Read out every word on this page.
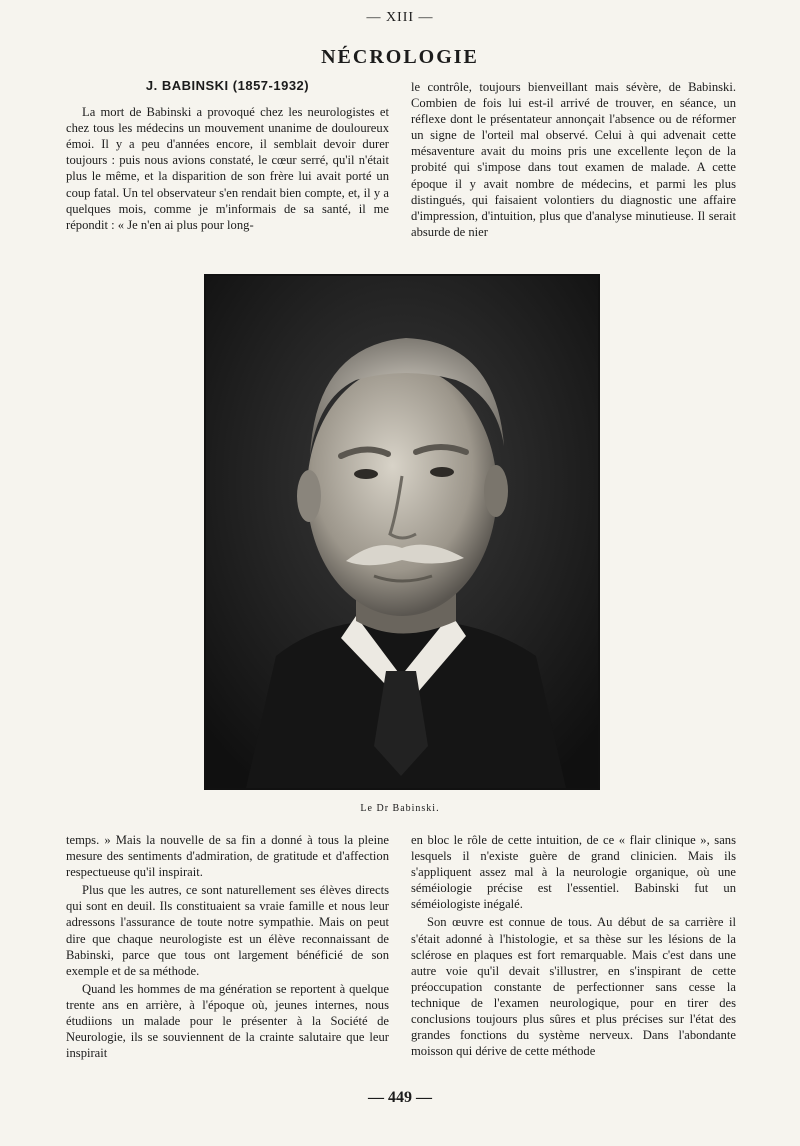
— XIII —
NÉCROLOGIE
J. BABINSKI (1857-1932)

La mort de Babinski a provoqué chez les neurologistes et chez tous les médecins un mouvement unanime de douloureux émoi. Il y a peu d'années encore, il semblait devoir durer toujours : puis nous avions constaté, le cœur serré, qu'il n'était plus le même, et la disparition de son frère lui avait porté un coup fatal. Un tel observateur s'en rendait bien compte, et, il y a quelques mois, comme je m'informais de sa santé, il me répondit : « Je n'en ai plus pour long-

le contrôle, toujours bienveillant mais sévère, de Babinski. Combien de fois lui est-il arrivé de trouver, en séance, un réflexe dont le présentateur annonçait l'absence ou de réformer un signe de l'orteil mal observé. Celui à qui advenait cette mésaventure avait du moins pris une excellente leçon de la probité qui s'impose dans tout examen de malade. A cette époque il y avait nombre de médecins, et parmi les plus distingués, qui faisaient volontiers du diagnostic une affaire d'impression, d'intuition, plus que d'analyse minutieuse. Il serait absurde de nier

Le Dr Babinski.

temps. » Mais la nouvelle de sa fin a donné à tous la pleine mesure des sentiments d'admiration, de gratitude et d'affection respectueuse qu'il inspirait.

Plus que les autres, ce sont naturellement ses élèves directs qui sont en deuil. Ils constituaient sa vraie famille et nous leur adressons l'assurance de toute notre sympathie. Mais on peut dire que chaque neurologiste est un élève reconnaissant de Babinski, parce que tous ont largement bénéficié de son exemple et de sa méthode.

Quand les hommes de ma génération se reportent à quelque trente ans en arrière, à l'époque où, jeunes internes, nous étudiions un malade pour le présenter à la Société de Neurologie, ils se souviennent de la crainte salutaire que leur inspirait

en bloc le rôle de cette intuition, de ce « flair clinique », sans lesquels il n'existe guère de grand clinicien. Mais ils s'appliquent assez mal à la neurologie organique, où une séméiologie précise est l'essentiel. Babinski fut un séméiologiste inégalé.

Son œuvre est connue de tous. Au début de sa carrière il s'était adonné à l'histologie, et sa thèse sur les lésions de la sclérose en plaques est fort remarquable. Mais c'est dans une autre voie qu'il devait s'illustrer, en s'inspirant de cette préoccupation constante de perfectionner sans cesse la technique de l'examen neurologique, pour en tirer des conclusions toujours plus sûres et plus précises sur l'état des grandes fonctions du système nerveux. Dans l'abondante moisson qui dérive de cette méthode

— 449 —
